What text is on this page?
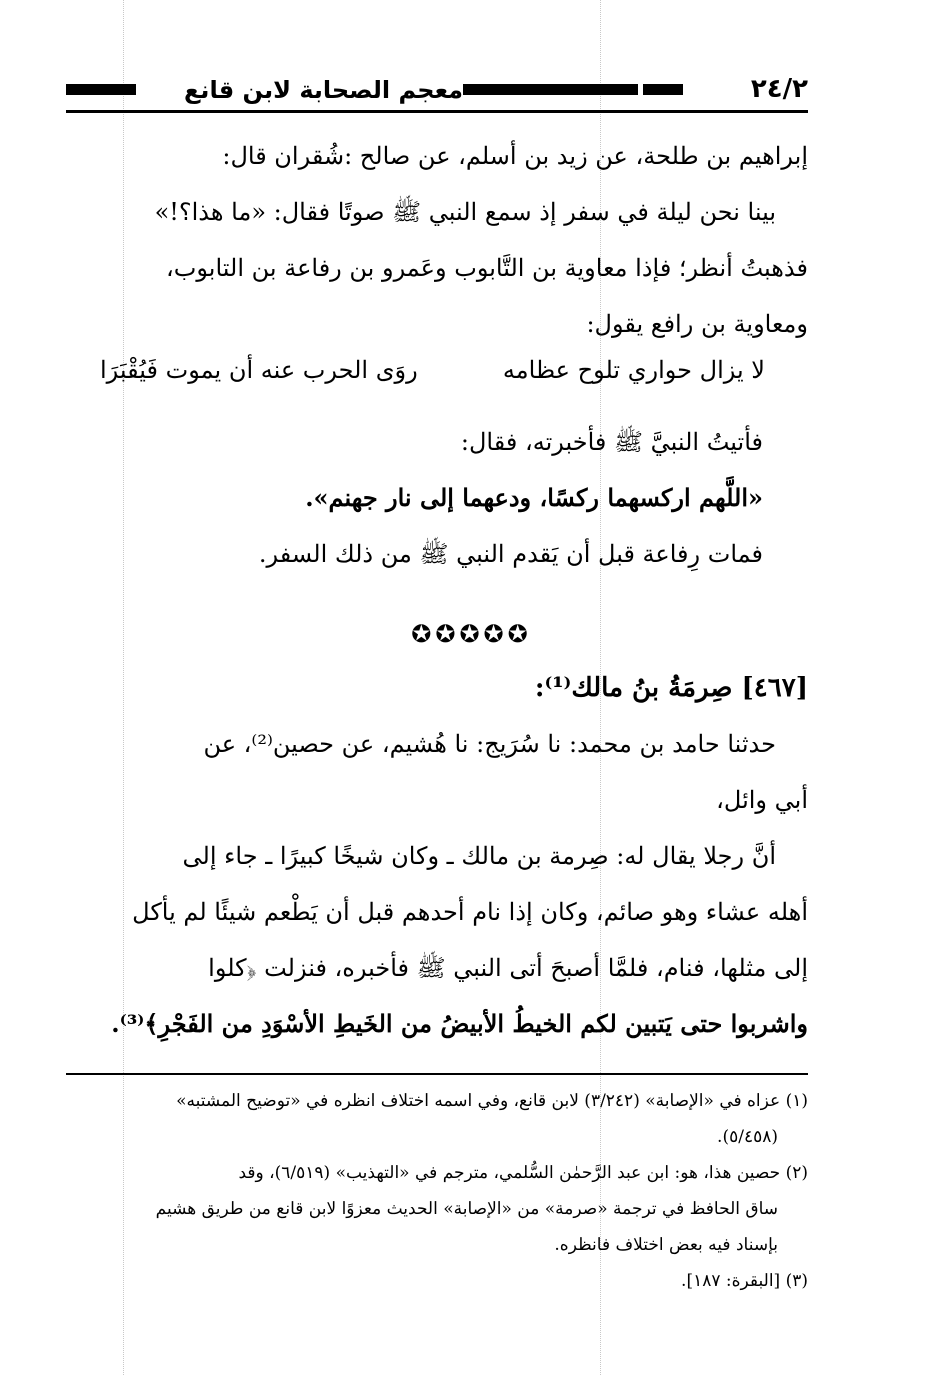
٢٤/٢
معجم الصحابة لابن قانع
إبراهيم بن طلحة، عن زيد بن أسلم، عن صالح :شُقران قال:
بينا نحن ليلة في سفر إذ سمع النبي ﷺ صوتًا فقال: «ما هذا؟!»
فذهبتُ أنظر؛ فإذا معاوية بن التَّابوب وعَمرو بن رفاعة بن التابوب،
ومعاوية بن رافع يقول:
لا يزال حواري تلوح عظامه
روَى الحرب عنه أن يموت فَيُقْبَرَا
فأتيتُ النبيَّ ﷺ فأخبرته، فقال:
«اللَّهم اركسهما ركسًا، ودعهما إلى نار جهنم».
فمات رِفاعة قبل أن يَقدم النبي ﷺ من ذلك السفر.
✪✪✪✪✪
[٤٦٧] صِرمَةُ بنُ مالك⁽¹⁾:
حدثنا حامد بن محمد: نا سُرَيج: نا هُشيم، عن حصين⁽²⁾، عن
أبي وائل،
أنَّ رجلا يقال له: صِرمة بن مالك ـ وكان شيخًا كبيرًا ـ جاء إلى
أهله عشاء وهو صائم، وكان إذا نام أحدهم قبل أن يَطْعم شيئًا لم يأكل
إلى مثلها، فنام، فلمَّا أصبحَ أتى النبي ﷺ فأخبره، فنزلت ﴿كلوا
واشربوا حتى يَتبين لكم الخيطُ الأبيضُ من الخَيطِ الأسْوَدِ من الفَجْرِ﴾⁽³⁾.

(١) عزاه في «الإصابة» (٣/٢٤٢) لابن قانع، وفي اسمه اختلاف انظره في «توضيح المشتبه»
(٥/٤٥٨).

(٢) حصين هذا، هو: ابن عبد الرَّحمٰن السُّلمي، مترجم في «التهذيب» (٦/٥١٩)، وقد
ساق الحافظ في ترجمة «صرمة» من «الإصابة» الحديث معزوًا لابن قانع من طريق هشيم
بإسناد فيه بعض اختلاف فانظره.

(٣) [البقرة: ١٨٧].
